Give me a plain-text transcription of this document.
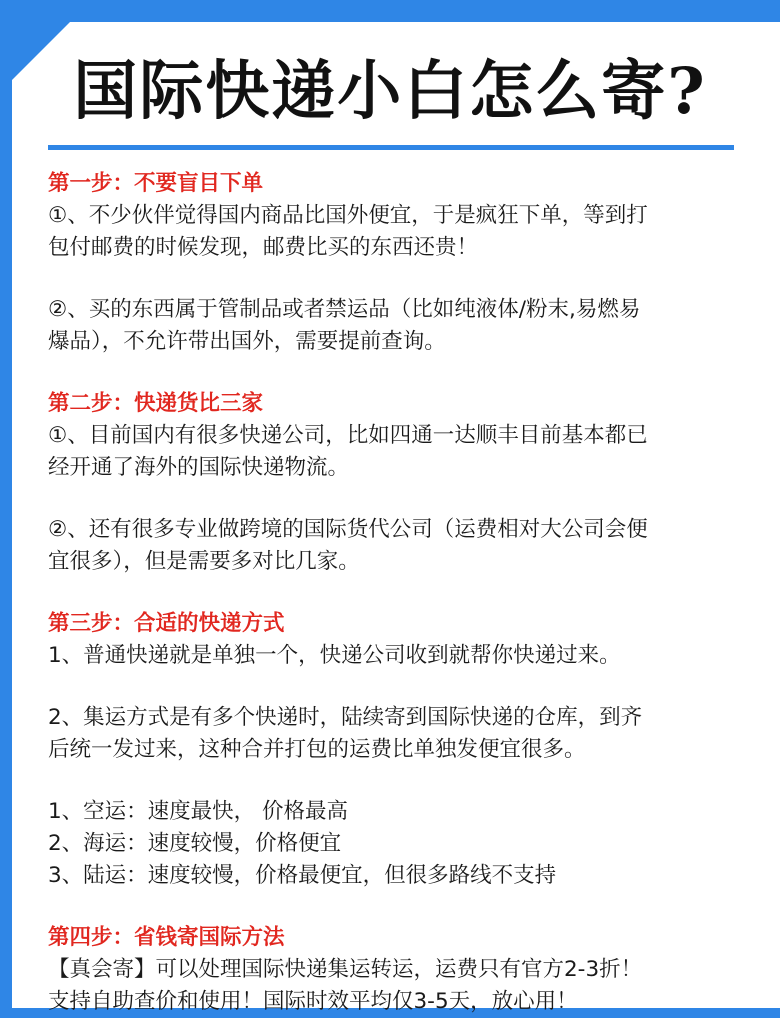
国际快递小白怎么寄?
第一步：不要盲目下单
①、不少伙伴觉得国内商品比国外便宜，于是疯狂下单，等到打
包付邮费的时候发现，邮费比买的东西还贵！
②、买的东西属于管制品或者禁运品（比如纯液体/粉末,易燃易
爆品），不允许带出国外，需要提前查询。
第二步：快递货比三家
①、目前国内有很多快递公司，比如四通一达顺丰目前基本都已
经开通了海外的国际快递物流。
②、还有很多专业做跨境的国际货代公司（运费相对大公司会便
宜很多），但是需要多对比几家。
第三步：合适的快递方式
1、普通快递就是单独一个，快递公司收到就帮你快递过来。
2、集运方式是有多个快递时，陆续寄到国际快递的仓库，到齐
后统一发过来，这种合并打包的运费比单独发便宜很多。
1、空运：速度最快， 价格最高
2、海运：速度较慢，价格便宜
3、陆运：速度较慢，价格最便宜，但很多路线不支持
第四步：省钱寄国际方法
【真会寄】可以处理国际快递集运转运，运费只有官方2-3折！
支持自助查价和使用！国际时效平均仅3-5天，放心用！
